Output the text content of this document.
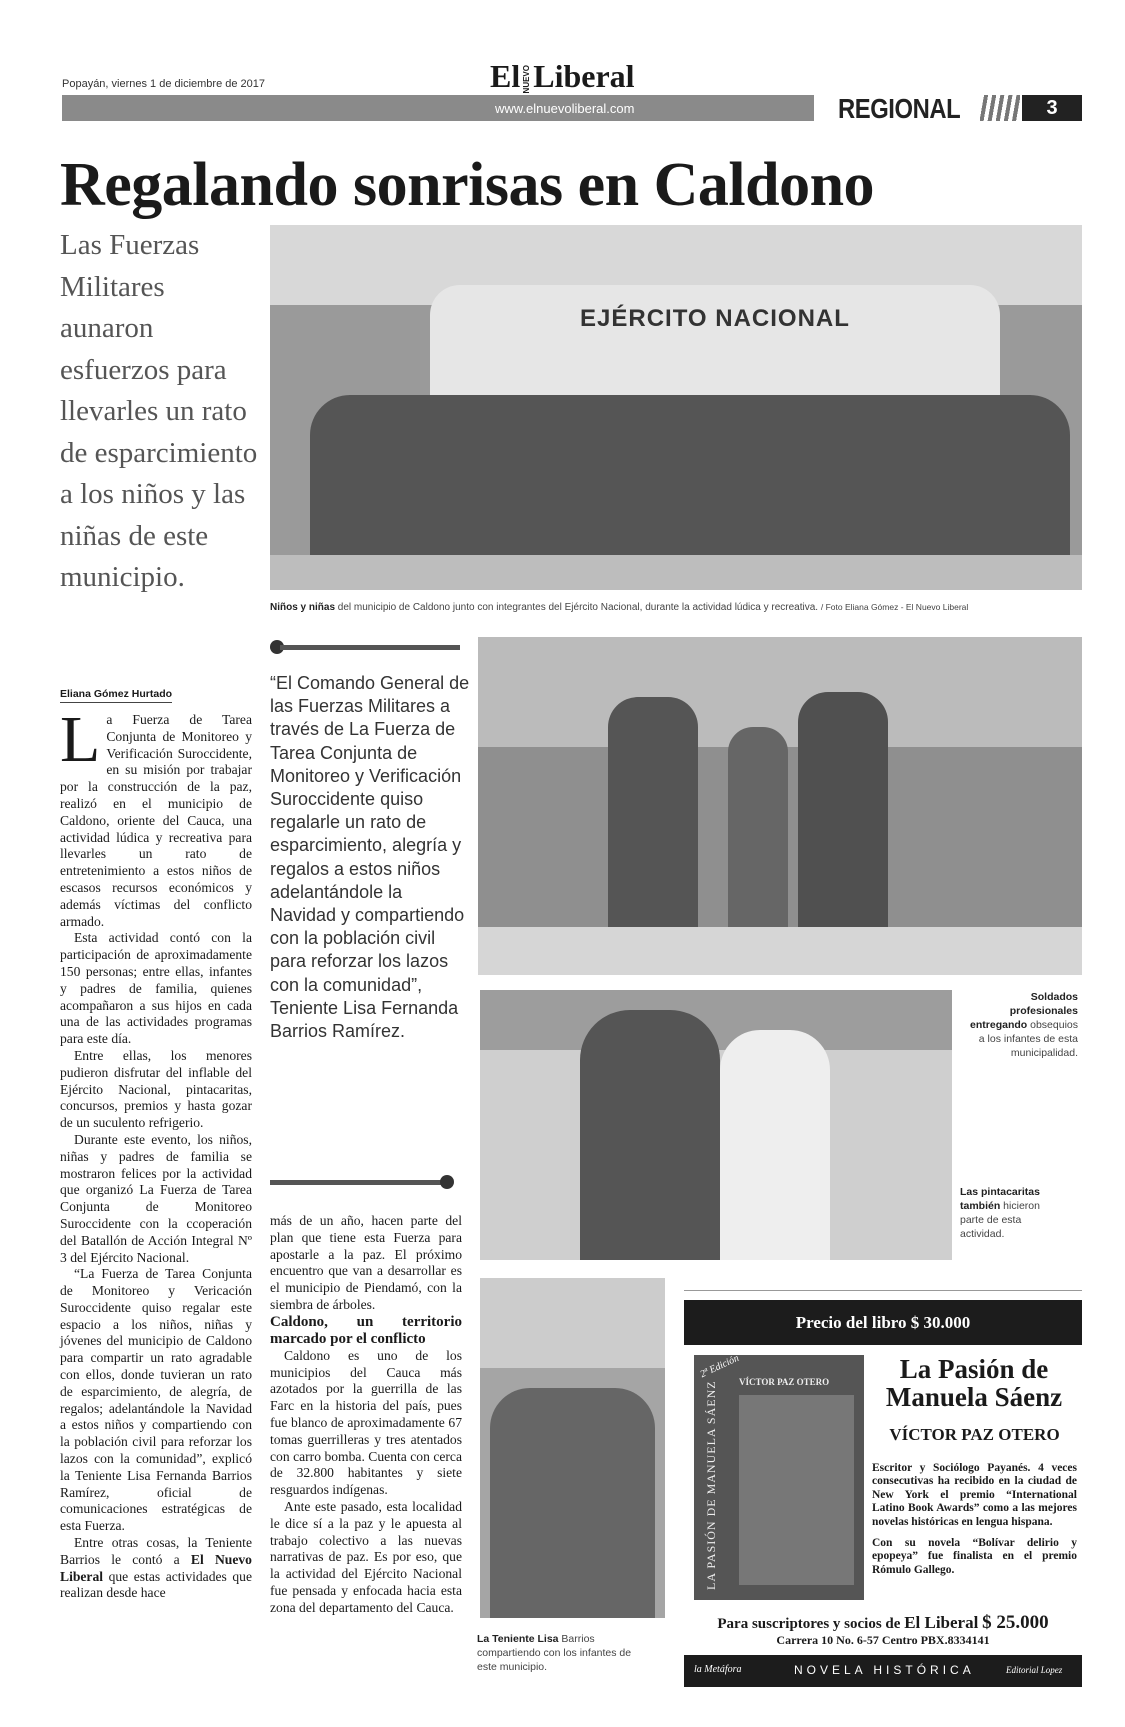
Popayán, viernes 1 de diciembre de 2017	El NUEVOLiberal
www.elnuevoliberal.com	REGIONAL	3
Regalando sonrisas en Caldono
Las Fuerzas Militares aunaron esfuerzos para llevarles un rato de esparcimiento a los niños y las niñas de este municipio.
EJÉRCITO NACIONAL
Niños y niñas del municipio de Caldono junto con integrantes del Ejército Nacional, durante la actividad lúdica y recreativa. / Foto Eliana Gómez - El Nuevo Liberal
Eliana Gómez Hurtado

La Fuerza de Tarea Conjunta de Monitoreo y Verificación Suroccidente, en su misión por trabajar por la construcción de la paz, realizó en el municipio de Caldono, oriente del Cauca, una actividad lúdica y recreativa para llevarles un rato de entretenimiento a estos niños de escasos recursos económicos y además víctimas del conflicto armado.

Esta actividad contó con la participación de aproximadamente 150 personas; entre ellas, infantes y padres de familia, quienes acompañaron a sus hijos en cada una de las actividades programas para este día.

Entre ellas, los menores pudieron disfrutar del inflable del Ejército Nacional, pintacaritas, concursos, premios y hasta gozar de un suculento refrigerio.

Durante este evento, los niños, niñas y padres de familia se mostraron felices por la actividad que organizó La Fuerza de Tarea Conjunta de Monitoreo Suroccidente con la ccoperación del Batallón de Acción Integral Nº 3 del Ejército Nacional.

“La Fuerza de Tarea Conjunta de Monitoreo y Vericación Suroccidente quiso regalar este espacio a los niños, niñas y jóvenes del municipio de Caldono para compartir un rato agradable con ellos, donde tuvieran un rato de esparcimiento, de alegría, de regalos; adelantándole la Navidad a estos niños y compartiendo con la población civil para reforzar los lazos con la comunidad”, explicó la Teniente Lisa Fernanda Barrios Ramírez, oficial de comunicaciones estratégicas de esta Fuerza.

Entre otras cosas, la Teniente Barrios le contó a El Nuevo Liberal que estas actividades que realizan desde hace

“El Comando General de las Fuerzas Militares a través de La Fuerza de Tarea Conjunta de Monitoreo y Verificación Suroccidente quiso regalarle un rato de esparcimiento, alegría y regalos a estos niños adelantándole la Navidad y compartiendo con la población civil para reforzar los lazos con la comunidad”, Teniente Lisa Fernanda Barrios Ramírez.

más de un año, hacen parte del plan que tiene esta Fuerza para apostarle a la paz. El próximo encuentro que van a desarrollar es el municipio de Piendamó, con la siembra de árboles.

Caldono, un territorio marcado por el conflicto

Caldono es uno de los municipios del Cauca más azotados por la guerrilla de las Farc en la historia del país, pues fue blanco de aproximadamente 67 tomas guerrilleras y tres atentados con carro bomba. Cuenta con cerca de 32.800 habitantes y siete resguardos indígenas.

Ante este pasado, esta localidad le dice sí a la paz y le apuesta al trabajo colectivo a las nuevas narrativas de paz. Es por eso, que la actividad del Ejército Nacional fue pensada y enfocada hacia esta zona del departamento del Cauca.

Soldados profesionales entregando obsequios a los infantes de esta municipalidad.
Las pintacaritas también hicieron parte de esta actividad.
La Teniente Lisa Barrios compartiendo con los infantes de este municipio.
Precio del libro $ 30.000
2ª Edición
VÍCTOR PAZ OTERO
LA PASIÓN DE MANUELA SÁENZ
La Pasión de Manuela Sáenz
VÍCTOR PAZ OTERO
Escritor y Sociólogo Payanés. 4 veces consecutivas ha recibido en la ciudad de New York el premio “International Latino Book Awards” como a las mejores novelas históricas en lengua hispana.
Con su novela “Bolívar delirio y epopeya” fue finalista en el premio Rómulo Gallego.
Para suscriptores y socios de El Liberal $ 25.000
Carrera 10 No. 6-57 Centro PBX.8334141
la Metáfora	NOVELA HISTÓRICA	Editorial Lopez
